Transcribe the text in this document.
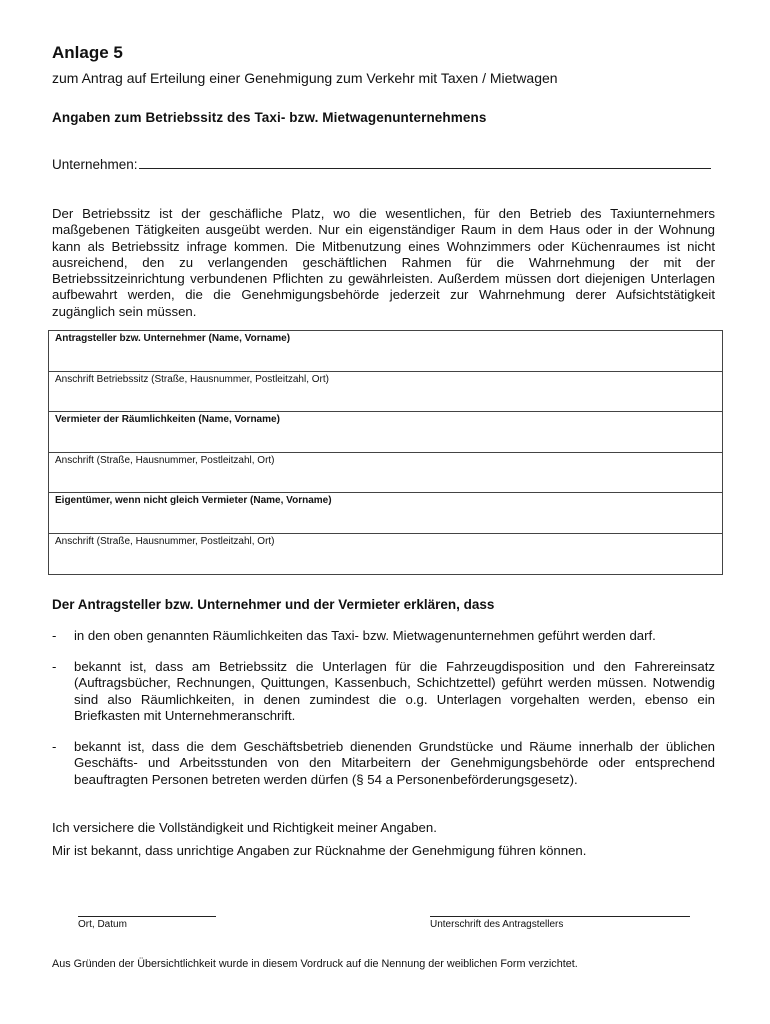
Anlage 5
zum Antrag auf Erteilung einer Genehmigung zum Verkehr mit Taxen / Mietwagen
Angaben zum Betriebssitz des Taxi- bzw. Mietwagenunternehmens
Unternehmen:
Der Betriebssitz ist der geschäfliche Platz, wo die wesentlichen, für den Betrieb des Taxiunternehmers maßgebenen Tätigkeiten ausgeübt werden. Nur ein eigenständiger Raum in dem Haus oder in der Wohnung kann als Betriebssitz infrage kommen. Die Mitbenutzung eines Wohnzimmers oder Küchenraumes ist nicht ausreichend, den zu verlangenden geschäftlichen Rahmen für die Wahrnehmung der mit der Betriebssitzeinrichtung verbundenen Pflichten zu gewährleisten. Außerdem müssen dort diejenigen Unterlagen aufbewahrt werden, die die Genehmigungsbehörde jederzeit zur Wahrnehmung derer Aufsichtstätigkeit zugänglich sein müssen.
Antragsteller bzw. Unternehmer (Name, Vorname)
Anschrift Betriebssitz (Straße, Hausnummer, Postleitzahl, Ort)
Vermieter der Räumlichkeiten (Name, Vorname)
Anschrift (Straße, Hausnummer, Postleitzahl, Ort)
Eigentümer, wenn nicht gleich Vermieter (Name, Vorname)
Anschrift (Straße, Hausnummer, Postleitzahl, Ort)
Der Antragsteller bzw. Unternehmer und der Vermieter erklären, dass
- in den oben genannten Räumlichkeiten das Taxi- bzw. Mietwagenunternehmen geführt werden darf.
- bekannt ist, dass am Betriebssitz die Unterlagen für die Fahrzeugdisposition und den Fahrereinsatz (Auftragsbücher, Rechnungen, Quittungen, Kassenbuch, Schichtzettel) geführt werden müssen. Notwendig sind also Räumlichkeiten, in denen zumindest die o.g. Unterlagen vorgehalten werden, ebenso ein Briefkasten mit Unternehmeranschrift.
- bekannt ist, dass die dem Geschäftsbetrieb dienenden Grundstücke und Räume innerhalb der üblichen Geschäfts- und Arbeitsstunden von den Mitarbeitern der Genehmigungsbehörde oder entsprechend beauftragten Personen betreten werden dürfen (§ 54 a Personenbeförderungsgesetz).
Ich versichere die Vollständigkeit und Richtigkeit meiner Angaben.
Mir ist bekannt, dass unrichtige Angaben zur Rücknahme der Genehmigung führen können.
Ort, Datum	Unterschrift des Antragstellers
Aus Gründen der Übersichtlichkeit wurde in diesem Vordruck auf die Nennung der weiblichen Form verzichtet.
